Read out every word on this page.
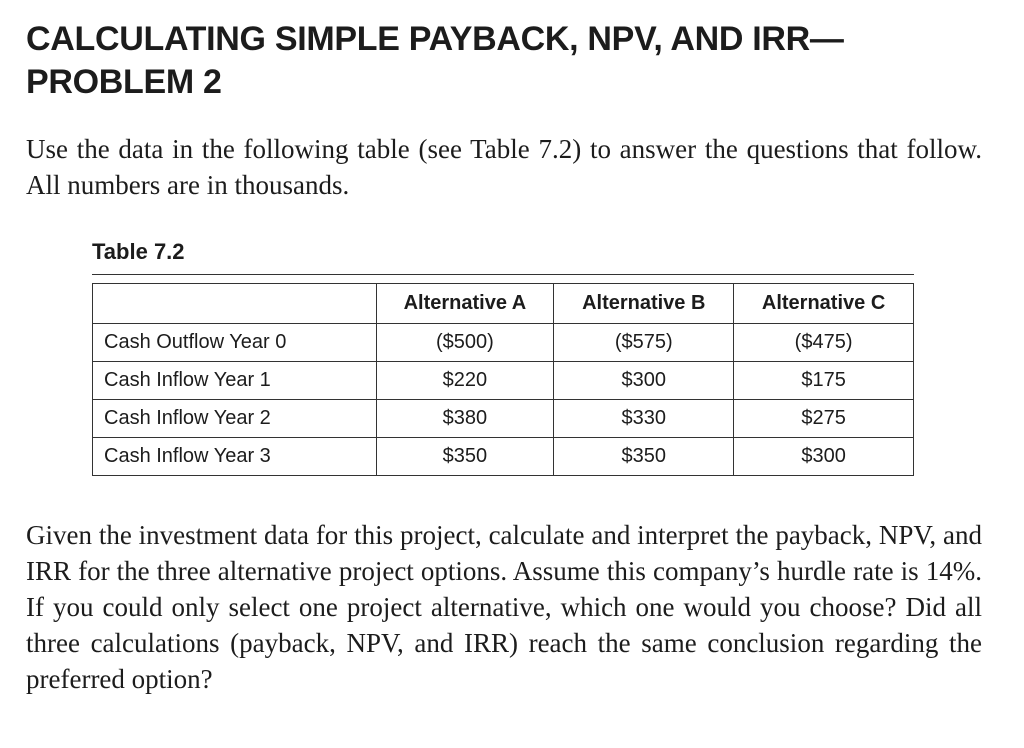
CALCULATING SIMPLE PAYBACK, NPV, AND IRR—
PROBLEM 2

Use the data in the following table (see Table 7.2) to answer the questions that follow. All numbers are in thousands.

Table 7.2
	Alternative A	Alternative B	Alternative C
Cash Outflow Year 0	($500)	($575)	($475)
Cash Inflow Year 1	$220	$300	$175
Cash Inflow Year 2	$380	$330	$275
Cash Inflow Year 3	$350	$350	$300

Given the investment data for this project, calculate and interpret the payback, NPV, and IRR for the three alternative project options. Assume this company’s hurdle rate is 14%. If you could only select one project alternative, which one would you choose? Did all three calculations (payback, NPV, and IRR) reach the same conclusion regarding the preferred option?
